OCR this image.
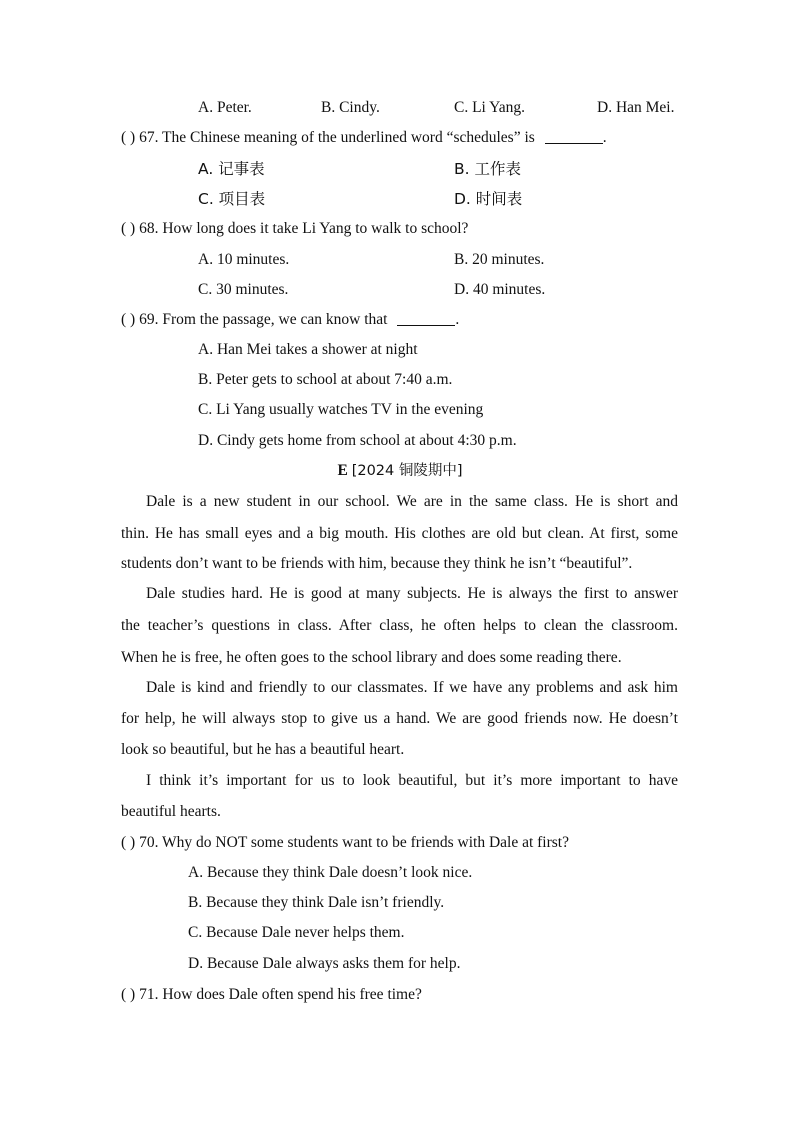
A. Peter.	B. Cindy.	C. Li Yang.	D. Han Mei.
( ) 67. The Chinese meaning of the underlined word “schedules” is	.
A. 记事表	B. 工作表
C. 项目表	D. 时间表
( ) 68. How long does it take Li Yang to walk to school?
A. 10 minutes.	B. 20 minutes.
C. 30 minutes.	D. 40 minutes.
( ) 69. From the passage, we can know that	.
A. Han Mei takes a shower at night
B. Peter gets to school at about 7:40 a.m.
C. Li Yang usually watches TV in the evening
D. Cindy gets home from school at about 4:30 p.m.
E [2024 铜陵期中]
Dale is a new student in our school. We are in the same class. He is short and
thin. He has small eyes and a big mouth. His clothes are old but clean. At first, some
students don’t want to be friends with him, because they think he isn’t “beautiful”.
Dale studies hard. He is good at many subjects. He is always the first to answer
the teacher’s questions in class. After class, he often helps to clean the classroom.
When he is free, he often goes to the school library and does some reading there.
Dale is kind and friendly to our classmates. If we have any problems and ask him
for help, he will always stop to give us a hand. We are good friends now. He doesn’t
look so beautiful, but he has a beautiful heart.
I think it’s important for us to look beautiful, but it’s more important to have
beautiful hearts.
( ) 70. Why do NOT some students want to be friends with Dale at first?
A. Because they think Dale doesn’t look nice.
B. Because they think Dale isn’t friendly.
C. Because Dale never helps them.
D. Because Dale always asks them for help.
( ) 71. How does Dale often spend his free time?
